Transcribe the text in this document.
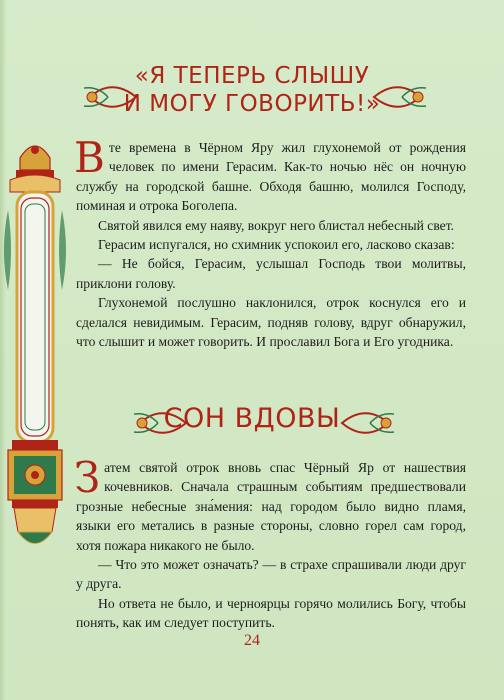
«Я ТЕПЕРЬ СЛЫШУ
И МОГУ ГОВОРИТЬ!»

Вте времена в Чёрном Яру жил глухонемой от рождения человек по имени Герасим. Как-то ночью нёс он ночную службу на городской башне. Обходя башню, молился Господу, поминая и отрока Боголепа.

Святой явился ему наяву, вокруг него блистал небесный свет.

Герасим испугался, но схимник успокоил его, ласково сказав:

— Не бойся, Герасим, услышал Господь твои молитвы, приклони голову.

Глухонемой послушно наклонился, отрок коснулся его и сделался невидимым. Герасим, подняв голову, вдруг обнаружил, что слышит и может говорить. И прославил Бога и Его угодника.

СОН ВДОВЫ

Затем святой отрок вновь спас Чёрный Яр от нашествия кочевников. Сначала страшным событиям предшествовали грозные небесные зна́мения: над городом было видно пламя, языки его метались в разные стороны, словно горел сам город, хотя пожара никакого не было.

— Что это может означать? — в страхе спрашивали люди друг у друга.

Но ответа не было, и черноярцы горячо молились Богу, чтобы понять, как им следует поступить.

24
